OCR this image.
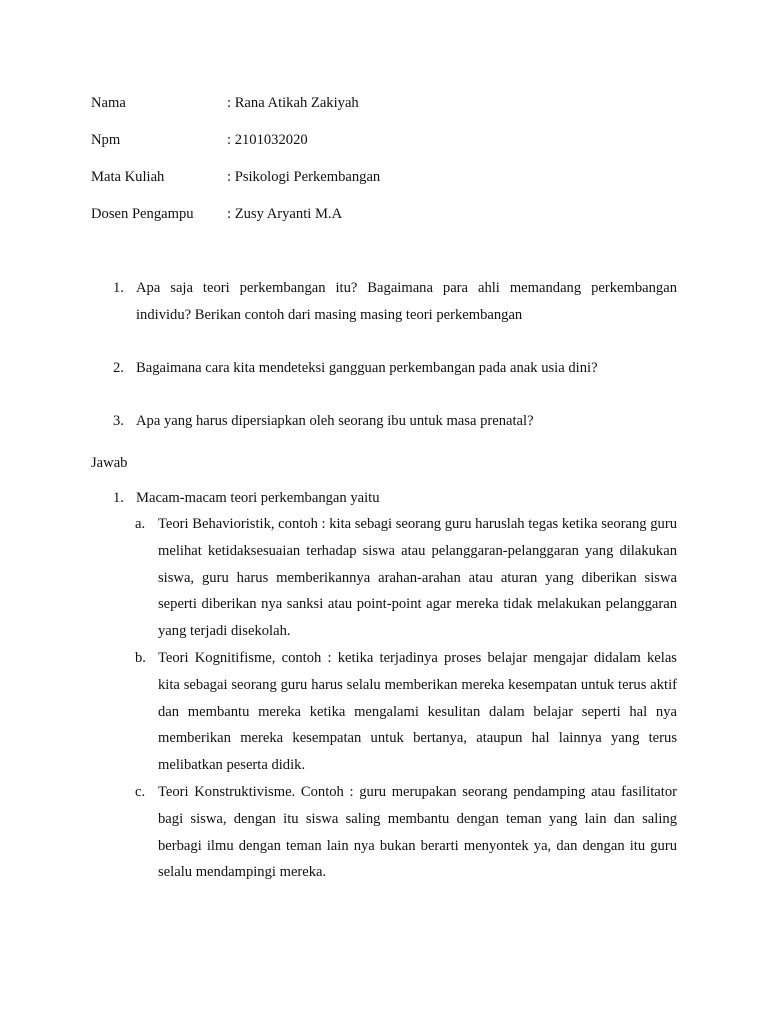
Nama	: Rana Atikah Zakiyah
Npm	: 2101032020
Mata Kuliah	: Psikologi Perkembangan
Dosen Pengampu : Zusy Aryanti M.A
1. Apa saja teori perkembangan itu? Bagaimana para ahli memandang perkembangan individu? Berikan contoh dari masing masing teori perkembangan
2. Bagaimana cara kita mendeteksi gangguan perkembangan pada anak usia dini?
3. Apa yang harus dipersiapkan oleh seorang ibu untuk masa prenatal?
Jawab
1. Macam-macam teori perkembangan yaitu
a. Teori Behavioristik, contoh : kita sebagi seorang guru haruslah tegas ketika seorang guru melihat ketidaksesuaian terhadap siswa atau pelanggaran-pelanggaran yang dilakukan siswa, guru harus memberikannya arahan-arahan atau aturan yang diberikan siswa seperti diberikan nya sanksi atau point-point agar mereka tidak melakukan pelanggaran yang terjadi disekolah.
b. Teori Kognitifisme, contoh : ketika terjadinya proses belajar mengajar didalam kelas kita sebagai seorang guru harus selalu memberikan mereka kesempatan untuk terus aktif dan membantu mereka ketika mengalami kesulitan dalam belajar seperti hal nya memberikan mereka kesempatan untuk bertanya, ataupun hal lainnya yang terus melibatkan peserta didik.
c. Teori Konstruktivisme. Contoh : guru merupakan seorang pendamping atau fasilitator bagi siswa, dengan itu siswa saling membantu dengan teman yang lain dan saling berbagi ilmu dengan teman lain nya bukan berarti menyontek ya, dan dengan itu guru selalu mendampingi mereka.
